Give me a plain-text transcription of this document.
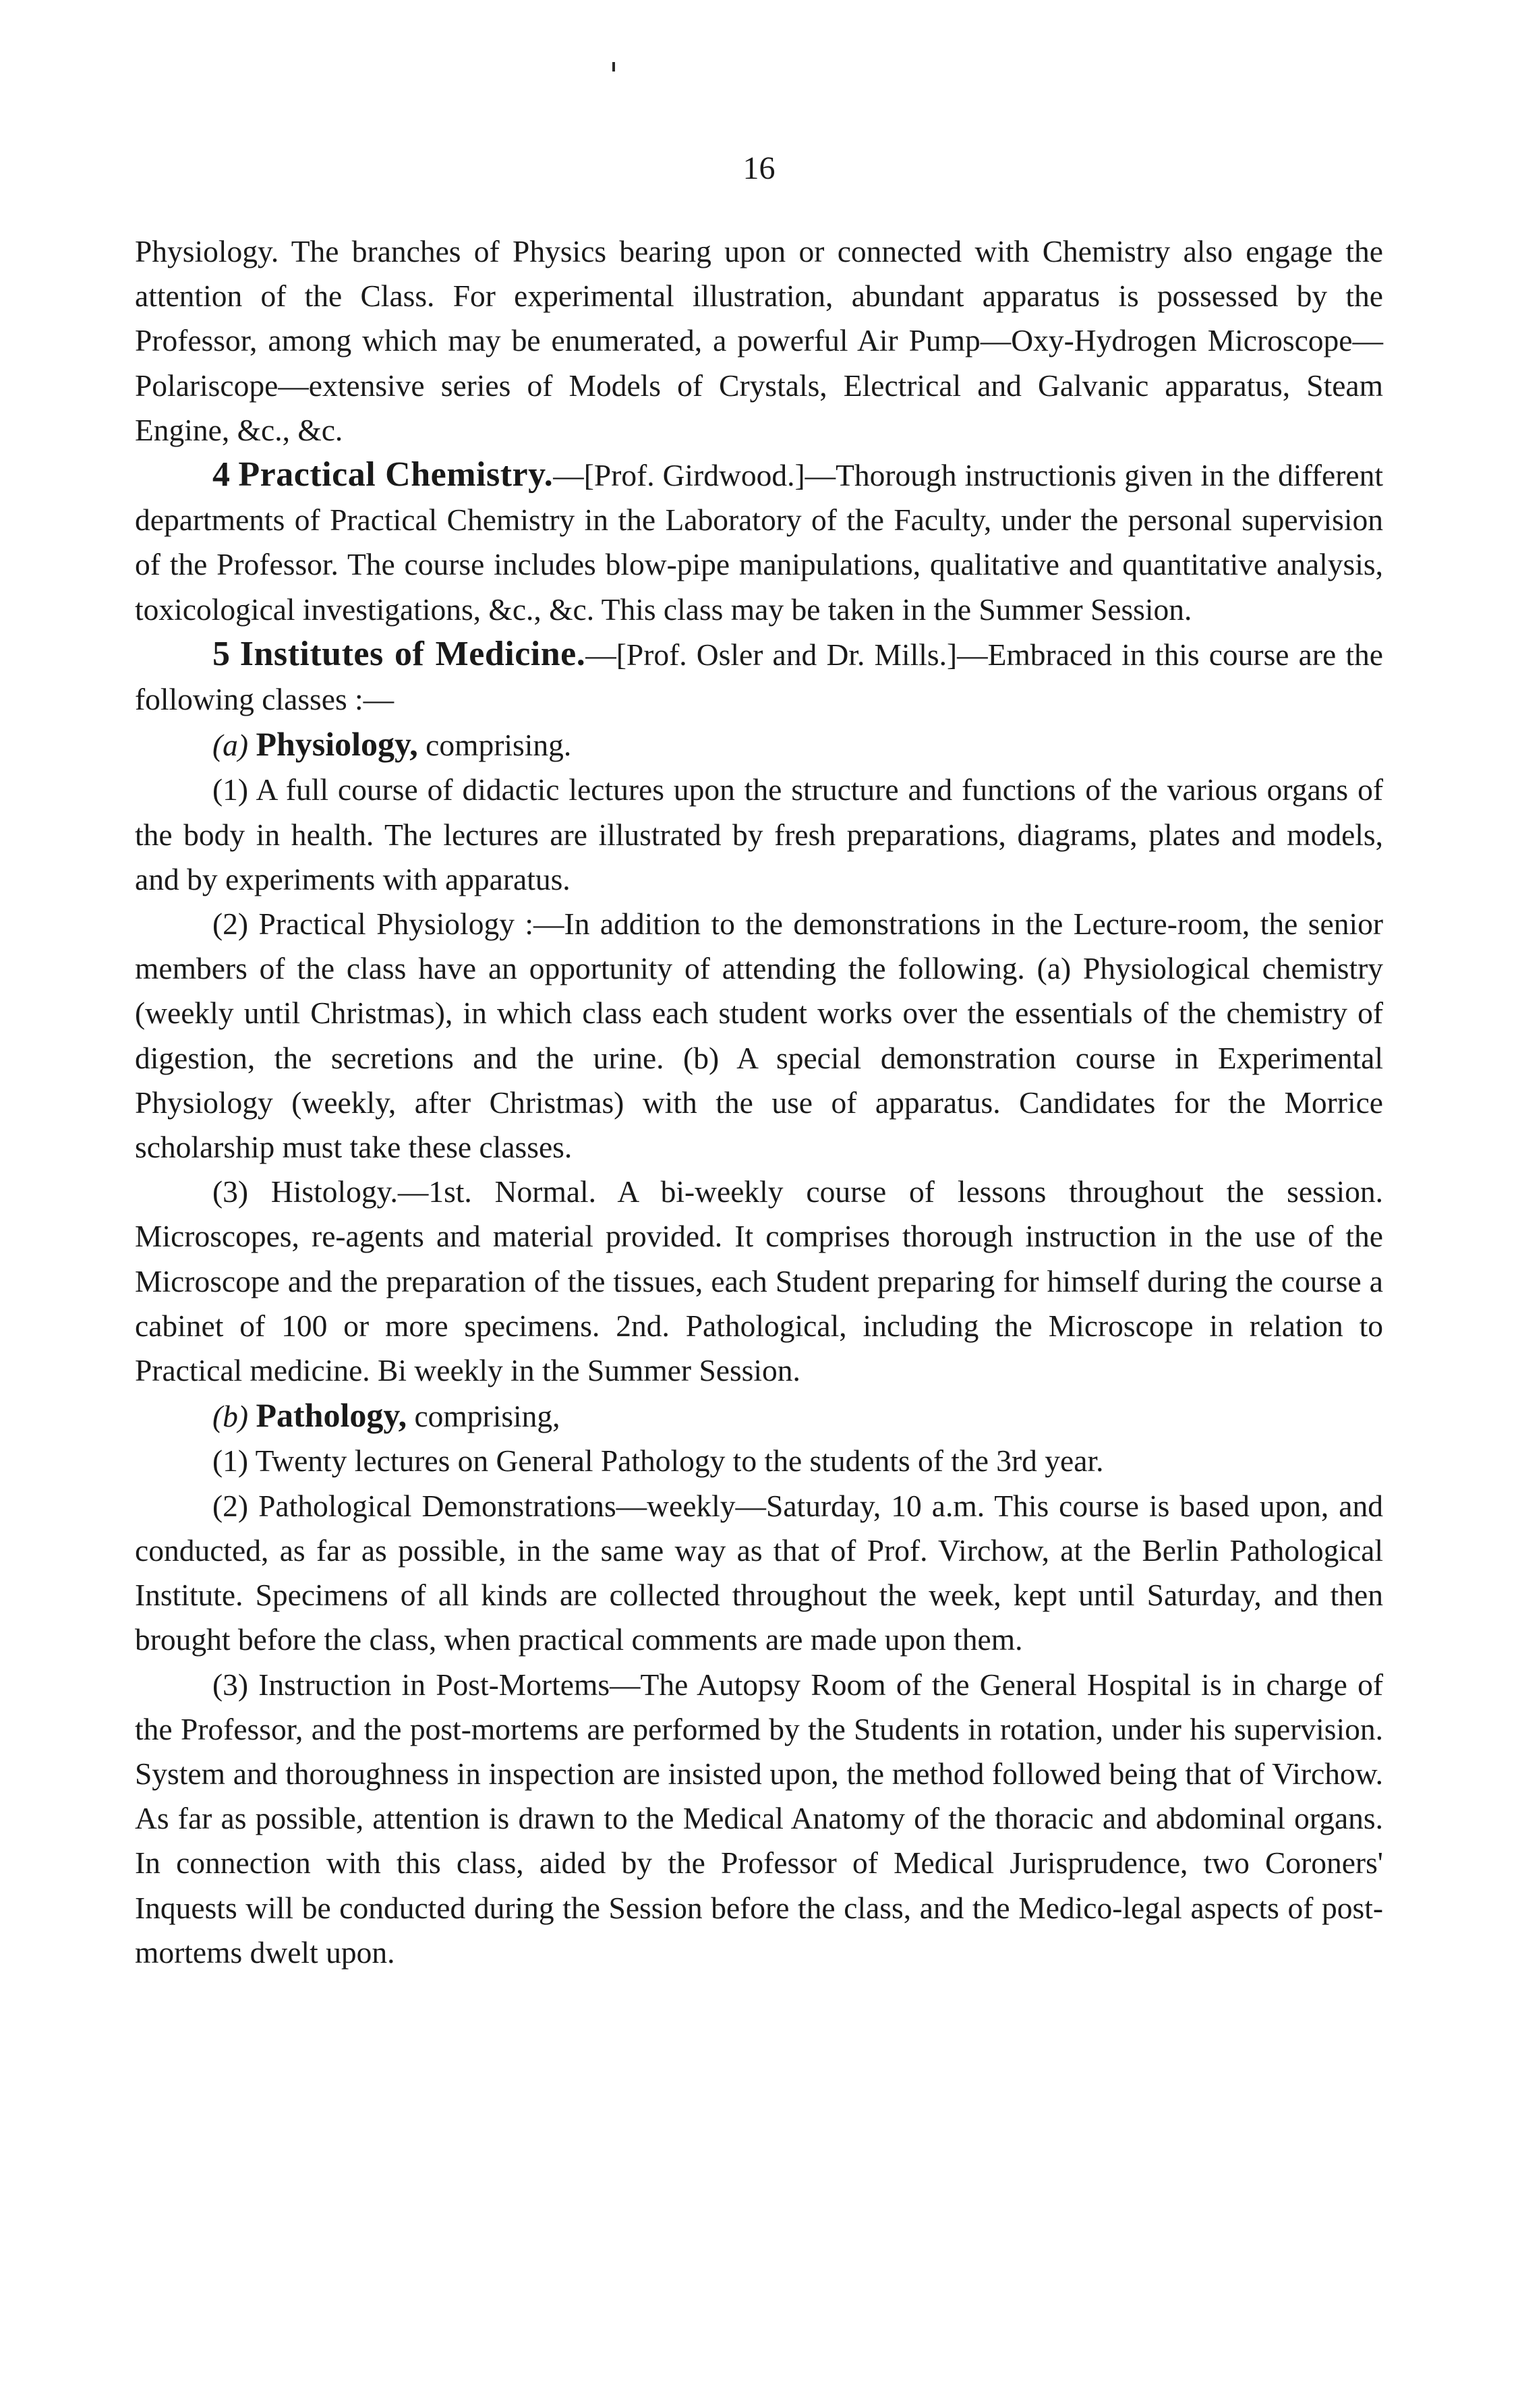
16

Physiology. The branches of Physics bearing upon or connected with Chemistry also engage the attention of the Class. For experimental illustration, abundant apparatus is possessed by the Professor, among which may be enumerated, a powerful Air Pump—Oxy-Hydrogen Microscope—Polariscope—extensive series of Models of Crystals, Electrical and Galvanic apparatus, Steam Engine, &c., &c.

4 Practical Chemistry.—[Prof. Girdwood.]—Thorough instructionis given in the different departments of Practical Chemistry in the Laboratory of the Faculty, under the personal supervision of the Professor. The course includes blow-pipe manipulations, qualitative and quantitative analysis, toxicological investigations, &c., &c. This class may be taken in the Summer Session.

5 Institutes of Medicine.—[Prof. Osler and Dr. Mills.]—Embraced in this course are the following classes :—

(a) Physiology, comprising.

(1) A full course of didactic lectures upon the structure and functions of the various organs of the body in health. The lectures are illustrated by fresh preparations, diagrams, plates and models, and by experiments with apparatus.

(2) Practical Physiology :—In addition to the demonstrations in the Lecture-room, the senior members of the class have an opportunity of attending the following. (a) Physiological chemistry (weekly until Christmas), in which class each student works over the essentials of the chemistry of digestion, the secretions and the urine. (b) A special demonstration course in Experimental Physiology (weekly, after Christmas) with the use of apparatus. Candidates for the Morrice scholarship must take these classes.

(3) Histology.—1st. Normal. A bi-weekly course of lessons throughout the session. Microscopes, re-agents and material provided. It comprises thorough instruction in the use of the Microscope and the preparation of the tissues, each Student preparing for himself during the course a cabinet of 100 or more specimens. 2nd. Pathological, including the Microscope in relation to Practical medicine. Bi weekly in the Summer Session.

(b) Pathology, comprising,

(1) Twenty lectures on General Pathology to the students of the 3rd year.

(2) Pathological Demonstrations—weekly—Saturday, 10 a.m. This course is based upon, and conducted, as far as possible, in the same way as that of Prof. Virchow, at the Berlin Pathological Institute. Specimens of all kinds are collected throughout the week, kept until Saturday, and then brought before the class, when practical comments are made upon them.

(3) Instruction in Post-Mortems—The Autopsy Room of the General Hospital is in charge of the Professor, and the post-mortems are performed by the Students in rotation, under his supervision. System and thoroughness in inspection are insisted upon, the method followed being that of Virchow. As far as possible, attention is drawn to the Medical Anatomy of the thoracic and abdominal organs. In connection with this class, aided by the Professor of Medical Jurisprudence, two Coroners' Inquests will be conducted during the Session before the class, and the Medico-legal aspects of post-mortems dwelt upon.
